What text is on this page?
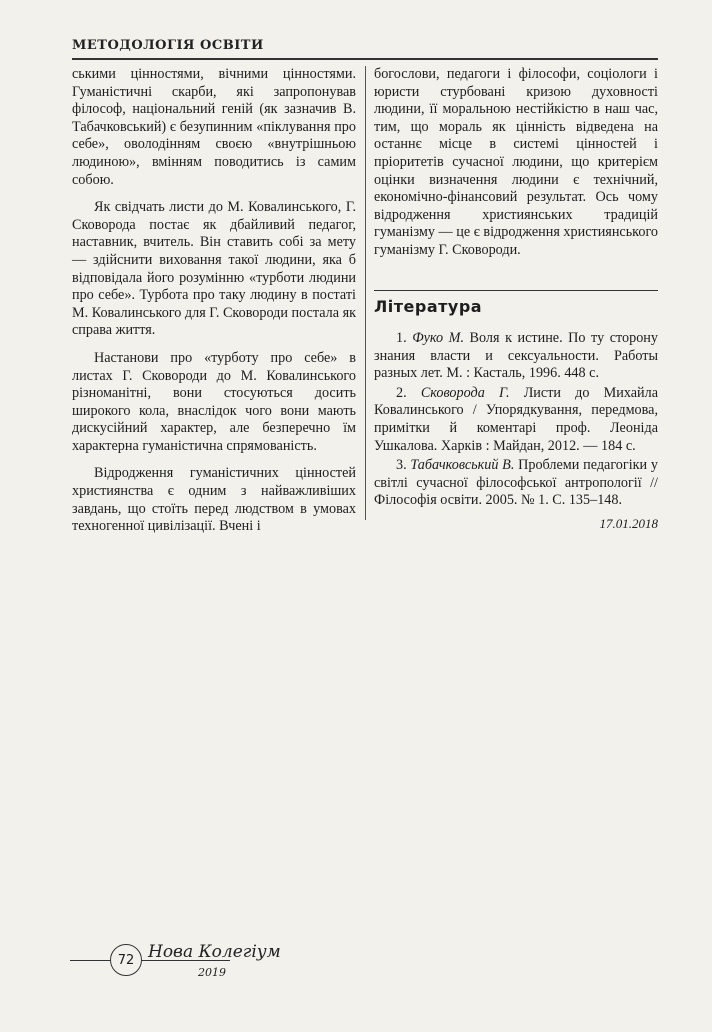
МЕТОДОЛОГІЯ ОСВІТИ

ськими цінностями, вічними цінностями. Гуманістичні скарби, які запропонував філософ, національний геній (як зазначив В. Табачковський) є безупинним «піклування про себе», оволодінням своєю «внутрішньою людиною», вмінням поводитись із самим собою.

Як свідчать листи до М. Ковалинського, Г. Сковорода постає як дбайливий педагог, наставник, вчитель. Він ставить собі за мету — здійснити виховання такої людини, яка б відповідала його розумінню «турботи людини про себе». Турбота про таку людину в постаті М. Ковалинського для Г. Сковороди постала як справа життя.

Настанови про «турботу про себе» в листах Г. Сковороди до М. Ковалинського різноманітні, вони стосуються досить широкого кола, внаслідок чого вони мають дискусійний характер, але безперечно їм характерна гуманістична спрямованість.

Відродження гуманістичних цінностей християнства є одним з найважливіших завдань, що стоїть перед людством в умовах техногенної цивілізації. Вчені і

богослови, педагоги і філософи, соціологи і юристи стурбовані кризою духовності людини, її моральною нестійкістю в наш час, тим, що мораль як цінність відведена на останнє місце в системі цінностей і пріоритетів сучасної людини, що критерієм оцінки визначення людини є технічний, економічно-фінансовий результат. Ось чому відродження християнських традицій гуманізму — це є відродження християнського гуманізму Г. Сковороди.

Література

1. Фуко М. Воля к истине. По ту сторону знания власти и сексуальности. Работы разных лет. М. : Касталь, 1996. 448 с.

2. Сковорода Г. Листи до Михайла Ковалинського / Упорядкування, передмова, примітки й коментарі проф. Леоніда Ушкалова. Харків : Майдан, 2012. — 184 с.

3. Табачковський В. Проблеми педагогіки у світлі сучасної філософської антропології // Філософія освіти. 2005. № 1. С. 135–148.

17.01.2018
72 Нова Колегіум
2019
